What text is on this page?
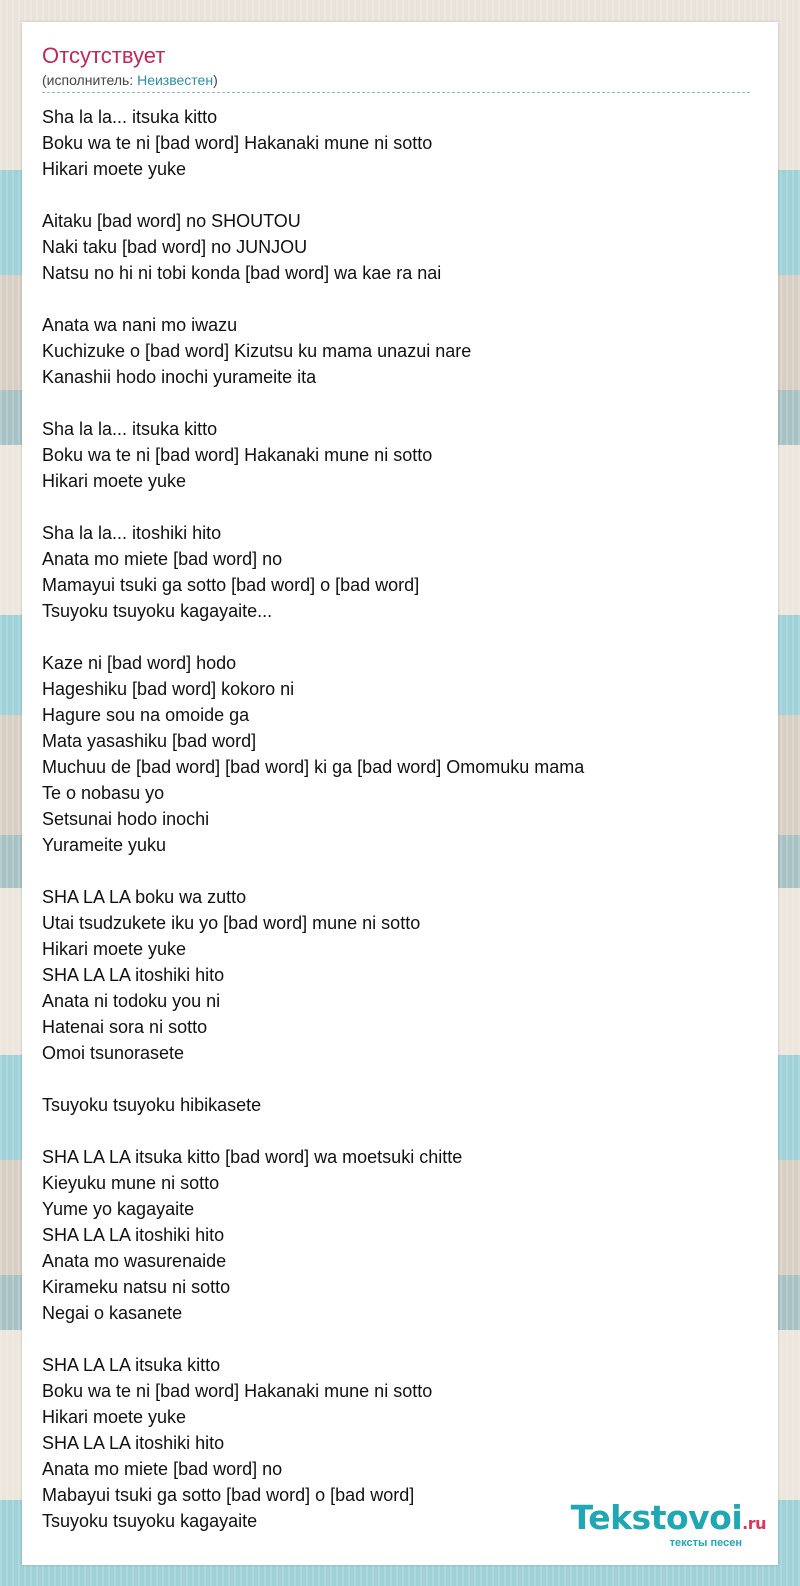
Отсутствует
(исполнитель: Неизвестен)
Sha la la... itsuka kitto
Boku wa te ni [bad word] Hakanaki mune ni sotto
Hikari moete yuke
Aitaku [bad word] no SHOUTOU
Naki taku [bad word] no JUNJOU
Natsu no hi ni tobi konda [bad word] wa kae ra nai
Anata wa nani mo iwazu
Kuchizuke o [bad word] Kizutsu ku mama unazui nare
Kanashii hodo inochi yurameite ita
Sha la la... itsuka kitto
Boku wa te ni [bad word] Hakanaki mune ni sotto
Hikari moete yuke
Sha la la... itoshiki hito
Anata mo miete [bad word] no
Mamayui tsuki ga sotto [bad word] o [bad word]
Tsuyoku tsuyoku kagayaite...
Kaze ni [bad word] hodo
Hageshiku [bad word] kokoro ni
Hagure sou na omoide ga
Mata yasashiku [bad word]
Muchuu de [bad word] [bad word] ki ga [bad word] Omomuku mama
Te o nobasu yo
Setsunai hodo inochi
Yurameite yuku
SHA LA LA boku wa zutto
Utai tsudzukete iku yo [bad word] mune ni sotto
Hikari moete yuke
SHA LA LA itoshiki hito
Anata ni todoku you ni
Hatenai sora ni sotto
Omoi tsunorasete
Tsuyoku tsuyoku hibikasete
SHA LA LA itsuka kitto [bad word] wa moetsuki chitte
Kieyuku mune ni sotto
Yume yo kagayaite
SHA LA LA itoshiki hito
Anata mo wasurenaide
Kirameku natsu ni sotto
Negai o kasanete
SHA LA LA itsuka kitto
Boku wa te ni [bad word] Hakanaki mune ni sotto
Hikari moete yuke
SHA LA LA itoshiki hito
Anata mo miete [bad word] no
Mabayui tsuki ga sotto [bad word] o [bad word]
Tsuyoku tsuyoku kagayaite	Tekstovoi.ru
тексты песен
